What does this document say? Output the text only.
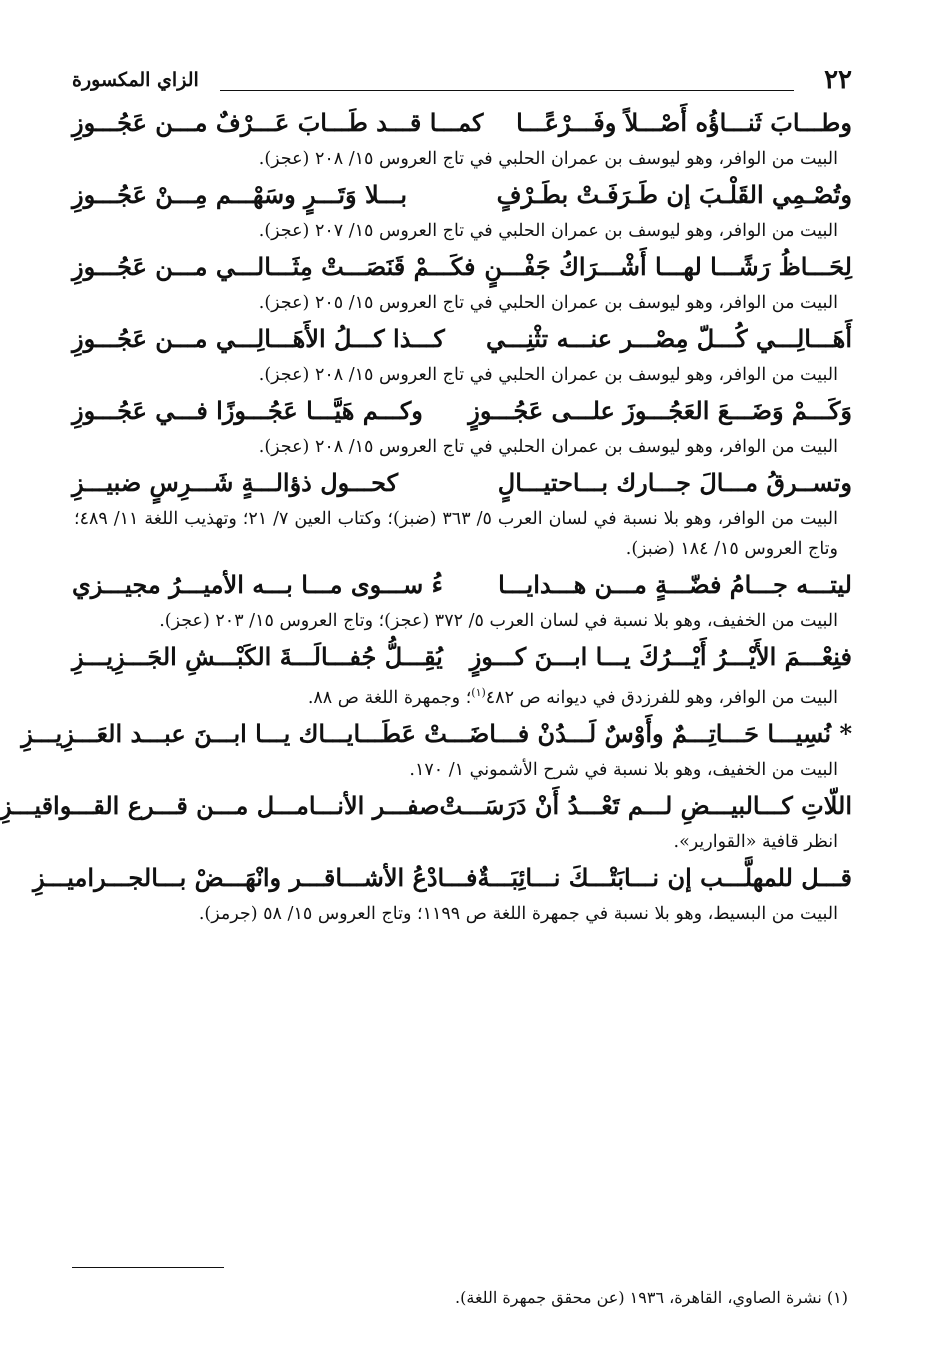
٢٢
الزاي المكسورة
وطـــابَ ثَنـــاؤُه أَصْـــلاً وفَـــرْعًـــا
كمـــا قـــد طَـــابَ عَـــرْفٌ مـــن عَجُـــوزِ
البيت من الوافر، وهو ليوسف بن عمران الحلبي في تاج العروس ١٥/ ٢٠٨ (عجز).
وتُصْـمِي القَلْـبَ إن طَـرَفَـتْ بطَـرْفٍ
بـــلا وَتَـــرٍ وسَهْـــم مِـــنْ عَجُـــوزِ
البيت من الوافر، وهو ليوسف بن عمران الحلبي في تاج العروس ١٥/ ٢٠٧ (عجز).
لِحَـــاظُ رَشًـــا لهـــا أَشْـــرَاكُ جَفْـــنٍ
فكَـــمْ قَنَصَـــتْ مِثَـــالـــي مـــن عَجُـــوزِ
البيت من الوافر، وهو ليوسف بن عمران الحلبي في تاج العروس ١٥/ ٢٠٥ (عجز).
أَهَـــالِـــي كُـــلّ مِصْـــر عنـــه تثْنِـــي
كـــذا كـــلُ الأَهَـــالِـــي مـــن عَجُـــوزِ
البيت من الوافر، وهو ليوسف بن عمران الحلبي في تاج العروس ١٥/ ٢٠٨ (عجز).
وَكَـــمْ وَضَـــعَ العَجُـــوزَ علـــى عَجُـــوزٍ
وكـــم هَيَّـــا عَجُـــوزًا فـــي عَجُـــوزِ
البيت من الوافر، وهو ليوسف بن عمران الحلبي في تاج العروس ١٥/ ٢٠٨ (عجز).
وتســرقُ مـــالَ جـــارك بـــاحتيـــالٍ
كحـــول ذؤالـــةٍ شَـــرِسٍ ضبيـــزِ
البيت من الوافر، وهو بلا نسبة في لسان العرب ٥/ ٣٦٣ (ضبز)؛ وكتاب العين ٧/ ٢١؛ وتهذيب اللغة ١١/ ٤٨٩؛ وتاج العروس ١٥/ ١٨٤ (ضبز).
ليتـــه جـــامُ فضّـــةٍ مـــن هـــدايـــا
ءُ ســـوى مـــا بـــه الأميـــرُ مجيـــزي
البيت من الخفيف، وهو بلا نسبة في لسان العرب ٥/ ٣٧٢ (عجز)؛ وتاج العروس ١٥/ ٢٠٣ (عجز).
فنِعْـــمَ الأَيْـــرُ أَيْـــرُكَ يـــا ابـــنَ كـــوزٍ
يُقِـــلُّ جُفـــالَـــةَ الكَبْـــشِ الجَـــزِيـــزِ
البيت من الوافر، وهو للفرزدق في ديوانه ص ٤٨٢$^{(١)}$؛ وجمهرة اللغة ص ٨٨.
* نُسِيـــا حَـــاتِـــمٌ وأَوْسٌ لَـــدُنْ فـــا
ضَـــتْ عَطَـــايـــاك يـــا ابـــنَ عبـــد العَـــزِيـــزِ
البيت من الخفيف، وهو بلا نسبة في شرح الأشموني ١/ ١٧٠.
اللّاتِ كـــالبيـــضِ لـــم تَعْـــدُ أَنْ دَرَسَـــتْ
صفـــر الأنـــامـــل مـــن قـــرع القـــواقيـــزِ
انظر قافية «القوارير».
قـــل للمهلَّـــب إن نـــابَتْـــكَ نـــائِبَـــةٌ
فـــادْعُ الأشـــاقـــر وانْهَـــضْ بـــالجـــراميـــزِ
البيت من البسيط، وهو بلا نسبة في جمهرة اللغة ص ١١٩٩؛ وتاج العروس ١٥/ ٥٨ (جرمز).
(١) نشرة الصاوي، القاهرة، ١٩٣٦ (عن محقق جمهرة اللغة).
